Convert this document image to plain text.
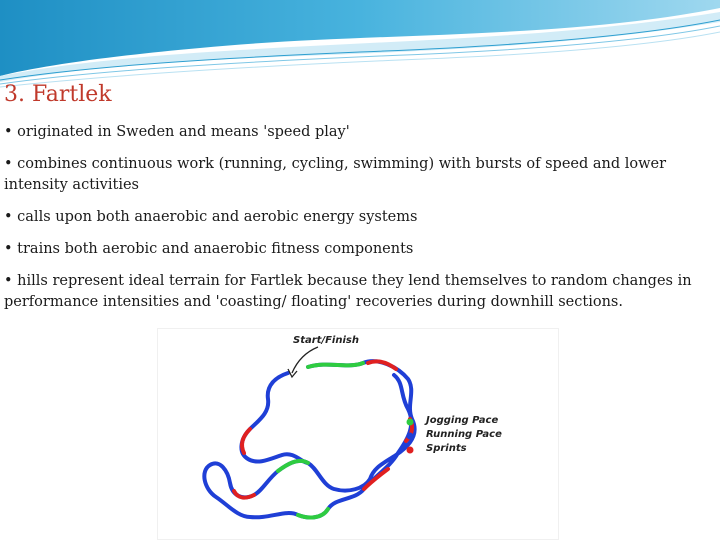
3. Fartlek
• originated in Sweden and means 'speed play'
• combines continuous work (running, cycling, swimming) with bursts of speed and lower intensity activities
• calls upon both anaerobic and aerobic energy systems
• trains both aerobic and anaerobic fitness components
• hills represent ideal terrain for Fartlek because they lend themselves to random changes in performance intensities and 'coasting/ floating' recoveries during downhill sections.
Start/Finish
Jogging Pace
Running Pace
Sprints
